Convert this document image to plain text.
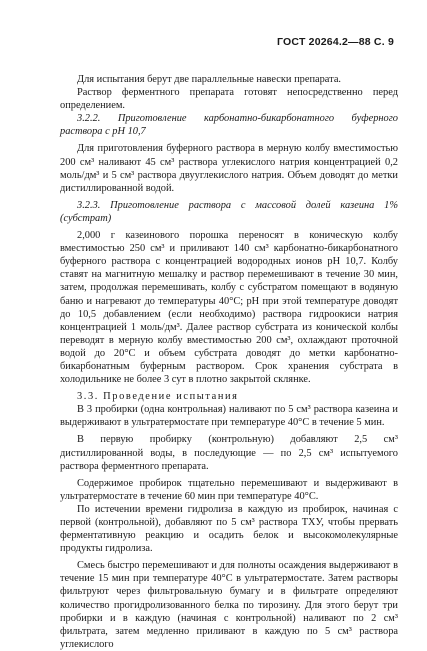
ГОСТ 20264.2—88 С. 9

Для испытания берут две параллельные навески препарата.

Раствор ферментного препарата готовят непосредственно перед определением.

3.2.2. Приготовление карбонатно-бикарбонатного буферного раствора с рН 10,7

Для приготовления буферного раствора в мерную колбу вместимостью 200 см³ наливают 45 см³ раствора углекислого натрия концентрацией 0,2 моль/дм³ и 5 см³ раствора двууглекислого натрия. Объем доводят до метки дистиллированной водой.

3.2.3. Приготовление раствора с массовой долей казеина 1% (субстрат)

2,000 г казеинового порошка переносят в коническую колбу вместимостью 250 см³ и приливают 140 см³ карбонатно-бикарбонатного буферного раствора с концентрацией водородных ионов рН 10,7. Колбу ставят на магнитную мешалку и раствор перемешивают в течение 30 мин, затем, продолжая перемешивать, колбу с субстратом помещают в водяную баню и нагревают до температуры 40°С; рН при этой температуре доводят до 10,5 добавлением (если необходимо) раствора гидроокиси натрия концентрацией 1 моль/дм³. Далее раствор субстрата из конической колбы переводят в мерную колбу вместимостью 200 см³, охлаждают проточной водой до 20°С и объем субстрата доводят до метки карбонатно-бикарбонатным буферным раствором. Срок хранения субстрата в холодильнике не более 3 сут в плотно закрытой склянке.

3.3. Проведение испытания

В 3 пробирки (одна контрольная) наливают по 5 см³ раствора казеина и выдерживают в ультратермостате при температуре 40°С в течение 5 мин.

В первую пробирку (контрольную) добавляют 2,5 см³ дистиллированной воды, в последующие — по 2,5 см³ испытуемого раствора ферментного препарата.

Содержимое пробирок тщательно перемешивают и выдерживают в ультратермостате в течение 60 мин при температуре 40°С.

По истечении времени гидролиза в каждую из пробирок, начиная с первой (контрольной), добавляют по 5 см³ раствора ТХУ, чтобы прервать ферментативную реакцию и осадить белок и высокомолекулярные продукты гидролиза.

Смесь быстро перемешивают и для полноты осаждения выдерживают в течение 15 мин при температуре 40°С в ультратермостате. Затем растворы фильтруют через фильтровальную бумагу и в фильтрате определяют количество прогидролизованного белка по тирозину. Для этого берут три пробирки и в каждую (начиная с контрольной) наливают по 2 см³ фильтрата, затем медленно приливают в каждую по 5 см³ раствора углекислого
